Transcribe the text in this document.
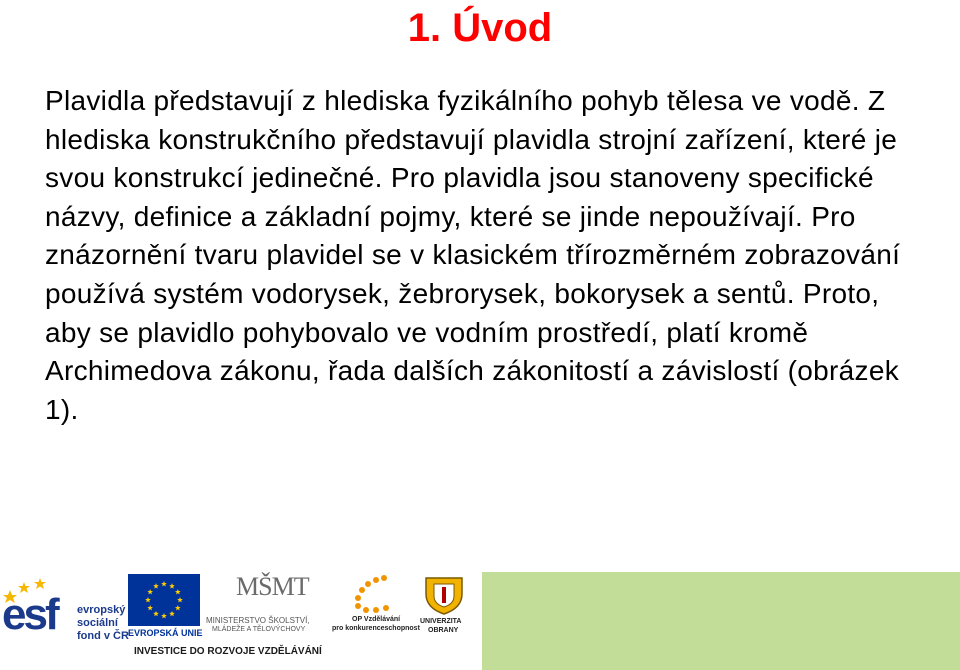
1. Úvod

Plavidla představují z hlediska fyzikálního pohyb tělesa ve vodě. Z hlediska konstrukčního představují plavidla strojní zařízení, které je svou konstrukcí jedinečné. Pro plavidla jsou stanoveny specifické názvy, definice a základní pojmy, které se jinde nepoužívají. Pro znázornění tvaru plavidel se v klasickém třírozměrném zobrazování používá systém vodorysek, žebrorysek, bokorysek a sentů. Proto, aby se plavidlo pohybovalo ve vodním prostředí, platí kromě Archimedova zákonu, řada dalších zákonitostí a závislostí (obrázek 1).

esf evropský
sociální
fond v ČR EVROPSKÁ UNIE
MŠMT
MINISTERSTVO ŠKOLSTVÍ,
MLÁDEŽE A TĚLOVÝCHOVY
OP Vzdělávání
pro konkurenceschopnost
UNIVERZITA
OBRANY
INVESTICE DO ROZVOJE VZDĚLÁVÁNÍ
